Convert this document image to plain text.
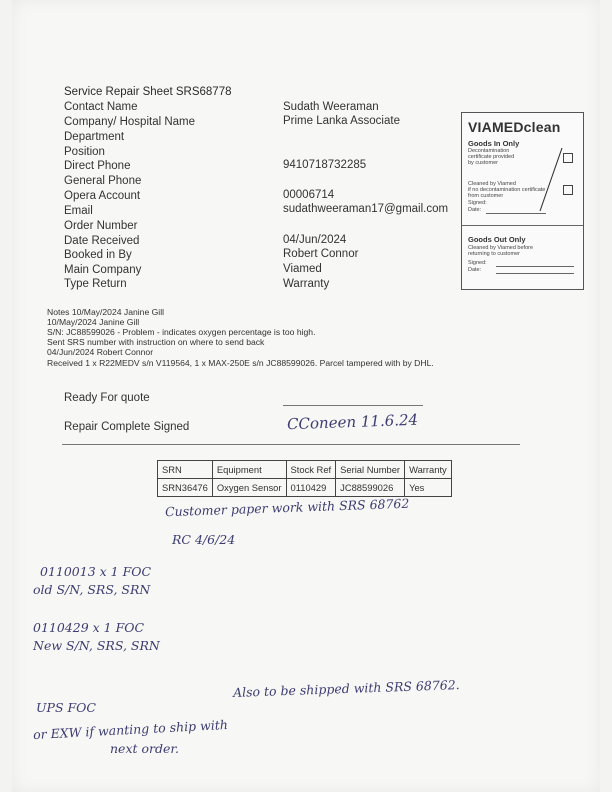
Service Repair Sheet SRS68778
Contact Name	Sudath Weeraman
Company/ Hospital Name	Prime Lanka Associate
Department
Position
Direct Phone	9410718732285
General Phone
Opera Account	00006714
Email	sudathweeraman17@gmail.com
Order Number
Date Received	04/Jun/2024
Booked in By	Robert Connor
Main Company	Viamed
Type Return	Warranty
VIAMEDclean
Goods In Only
Decontamination
certificate provided
by customer
Cleaned by Viamed
if no decontamination certificate
from customer
Signed:
Date:
Goods Out Only
Cleaned by Viamed before
returning to customer
Signed:
Date:
Notes 10/May/2024 Janine Gill
10/May/2024 Janine Gill
S/N: JC88599026 - Problem - indicates oxygen percentage is too high.
Sent SRS number with instruction on where to send back
04/Jun/2024 Robert Connor
Received 1 x R22MEDV s/n V119564, 1 x MAX-250E s/n JC88599026. Parcel tampered with by DHL.
Ready For quote
Repair Complete Signed	CConeen 11.6.24
SRN	Equipment	Stock Ref	Serial Number	Warranty
SRN36476	Oxygen Sensor	0110429	JC88599026	Yes
Customer paper work with SRS 68762
RC 4/6/24
0110013 x 1 FOC
old S/N, SRS, SRN
0110429 x 1 FOC
New S/N, SRS, SRN
Also to be shipped with SRS 68762.
UPS FOC
or EXW if wanting to ship with
next order.
